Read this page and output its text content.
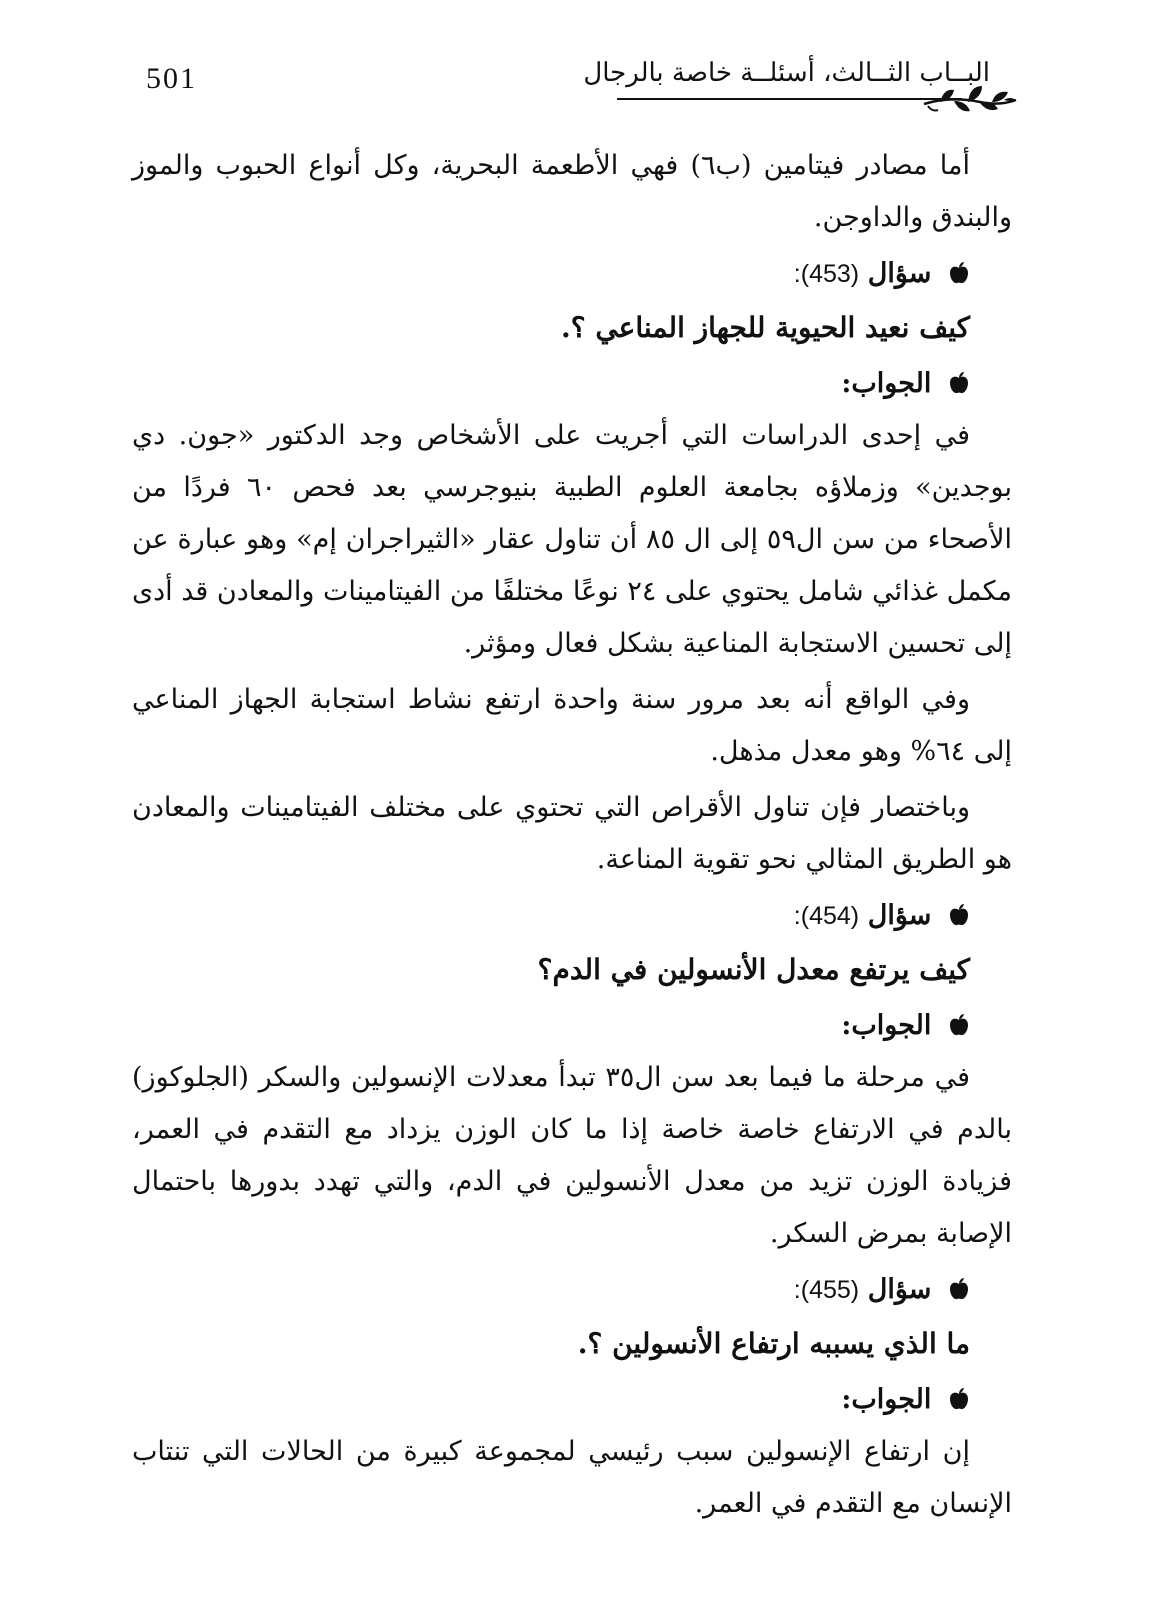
501	البــاب الثــالث، أسئلــة خاصة بالرجال

أما مصادر فيتامين (ب٦) فهي الأطعمة البحرية، وكل أنواع الحبوب والموز والبندق والداوجن.

سؤال (453):
كيف نعيد الحيوية للجهاز المناعي ؟.
الجواب:

في إحدى الدراسات التي أجريت على الأشخاص وجد الدكتور «جون. دي بوجدين» وزملاؤه بجامعة العلوم الطبية بنيوجرسي بعد فحص ٦٠ فردًا من الأصحاء من سن ال٥٩ إلى ال ٨٥ أن تناول عقار «الثيراجران إم» وهو عبارة عن مكمل غذائي شامل يحتوي على ٢٤ نوعًا مختلفًا من الفيتامينات والمعادن قد أدى إلى تحسين الاستجابة المناعية بشكل فعال ومؤثر.

وفي الواقع أنه بعد مرور سنة واحدة ارتفع نشاط استجابة الجهاز المناعي إلى ٦٤% وهو معدل مذهل.

وباختصار فإن تناول الأقراص التي تحتوي على مختلف الفيتامينات والمعادن هو الطريق المثالي نحو تقوية المناعة.

سؤال (454):
كيف يرتفع معدل الأنسولين في الدم؟
الجواب:

في مرحلة ما فيما بعد سن ال٣٥ تبدأ معدلات الإنسولين والسكر (الجلوكوز) بالدم في الارتفاع خاصة خاصة إذا ما كان الوزن يزداد مع التقدم في العمر، فزيادة الوزن تزيد من معدل الأنسولين في الدم، والتي تهدد بدورها باحتمال الإصابة بمرض السكر.

سؤال (455):
ما الذي يسببه ارتفاع الأنسولين ؟.
الجواب:

إن ارتفاع الإنسولين سبب رئيسي لمجموعة كبيرة من الحالات التي تنتاب الإنسان مع التقدم في العمر.
